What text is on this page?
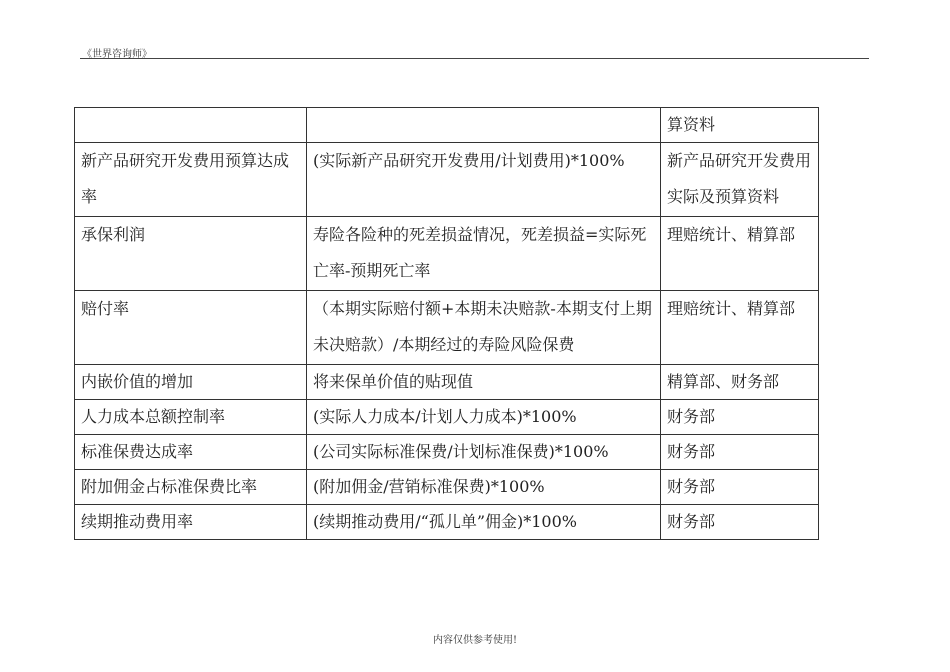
《世界咨询师》
		算资料
新产品研究开发费用预算达成率	(实际新产品研究开发费用/计划费用)*100%	新产品研究开发费用实际及预算资料
承保利润	寿险各险种的死差损益情况，死差损益=实际死亡率-预期死亡率	理赔统计、精算部
赔付率	（本期实际赔付额+本期未决赔款-本期支付上期未决赔款）/本期经过的寿险风险保费	理赔统计、精算部
内嵌价值的增加	将来保单价值的贴现值	精算部、财务部
人力成本总额控制率	(实际人力成本/计划人力成本)*100%	财务部
标准保费达成率	(公司实际标准保费/计划标准保费)*100%	财务部
附加佣金占标准保费比率	(附加佣金/营销标准保费)*100%	财务部
续期推动费用率	(续期推动费用/“孤儿单”佣金)*100%	财务部
内容仅供参考使用!
